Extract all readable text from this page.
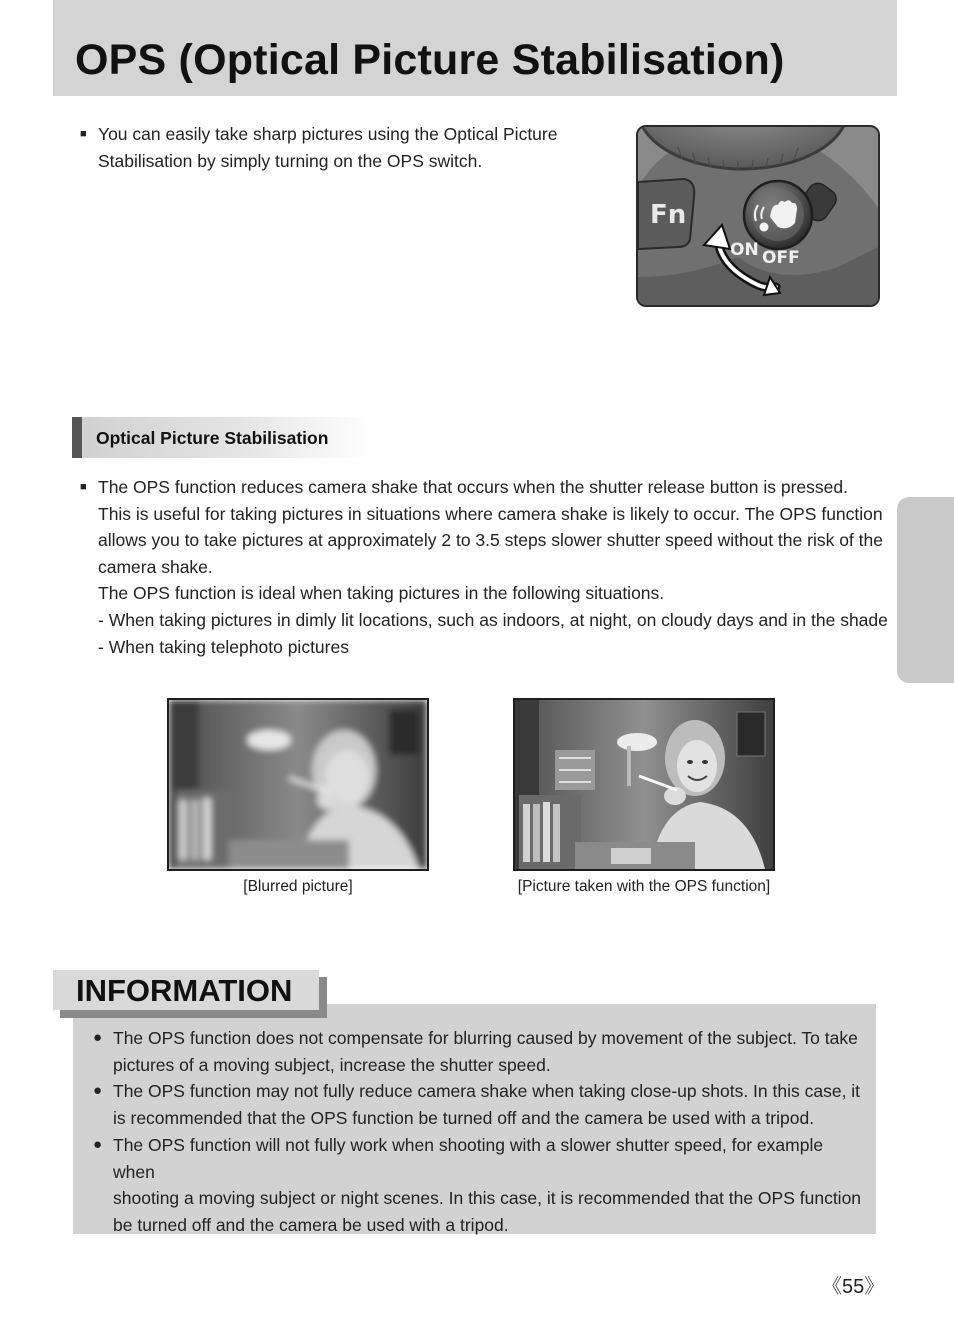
OPS (Optical Picture Stabilisation)
■ You can easily take sharp pictures using the Optical Picture
Stabilisation by simply turning on the OPS switch.
Fn
ON OFF
Optical Picture Stabilisation
■ The OPS function reduces camera shake that occurs when the shutter release button is pressed.
This is useful for taking pictures in situations where camera shake is likely to occur. The OPS function
allows you to take pictures at approximately 2 to 3.5 steps slower shutter speed without the risk of the
camera shake.
The OPS function is ideal when taking pictures in the following situations.
- When taking pictures in dimly lit locations, such as indoors, at night, on cloudy days and in the shade
- When taking telephoto pictures
[Blurred picture]	[Picture taken with the OPS function]
INFORMATION
● The OPS function does not compensate for blurring caused by movement of the subject. To take
pictures of a moving subject, increase the shutter speed.
● The OPS function may not fully reduce camera shake when taking close-up shots. In this case, it
is recommended that the OPS function be turned off and the camera be used with a tripod.
● The OPS function will not fully work when shooting with a slower shutter speed, for example when
shooting a moving subject or night scenes. In this case, it is recommended that the OPS function
be turned off and the camera be used with a tripod.
《55》
